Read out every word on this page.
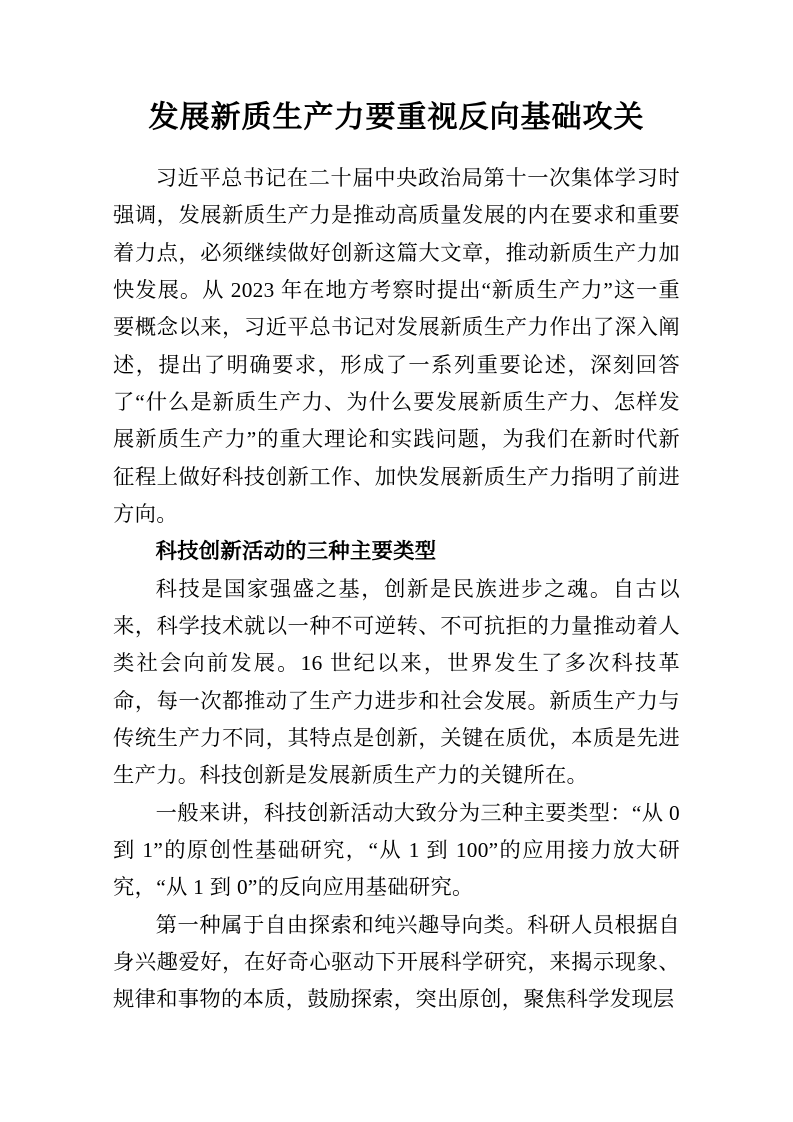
发展新质生产力要重视反向基础攻关

习近平总书记在二十届中央政治局第十一次集体学习时强调，发展新质生产力是推动高质量发展的内在要求和重要着力点，必须继续做好创新这篇大文章，推动新质生产力加快发展。从 2023 年在地方考察时提出“新质生产力”这一重要概念以来，习近平总书记对发展新质生产力作出了深入阐述，提出了明确要求，形成了一系列重要论述，深刻回答了“什么是新质生产力、为什么要发展新质生产力、怎样发展新质生产力”的重大理论和实践问题，为我们在新时代新征程上做好科技创新工作、加快发展新质生产力指明了前进方向。

科技创新活动的三种主要类型

科技是国家强盛之基，创新是民族进步之魂。自古以来，科学技术就以一种不可逆转、不可抗拒的力量推动着人类社会向前发展。16 世纪以来，世界发生了多次科技革命，每一次都推动了生产力进步和社会发展。新质生产力与传统生产力不同，其特点是创新，关键在质优，本质是先进生产力。科技创新是发展新质生产力的关键所在。

一般来讲，科技创新活动大致分为三种主要类型：“从 0 到 1”的原创性基础研究，“从 1 到 100”的应用接力放大研究，“从 1 到 0”的反向应用基础研究。

第一种属于自由探索和纯兴趣导向类。科研人员根据自身兴趣爱好，在好奇心驱动下开展科学研究，来揭示现象、规律和事物的本质，鼓励探索，突出原创，聚焦科学发现层
